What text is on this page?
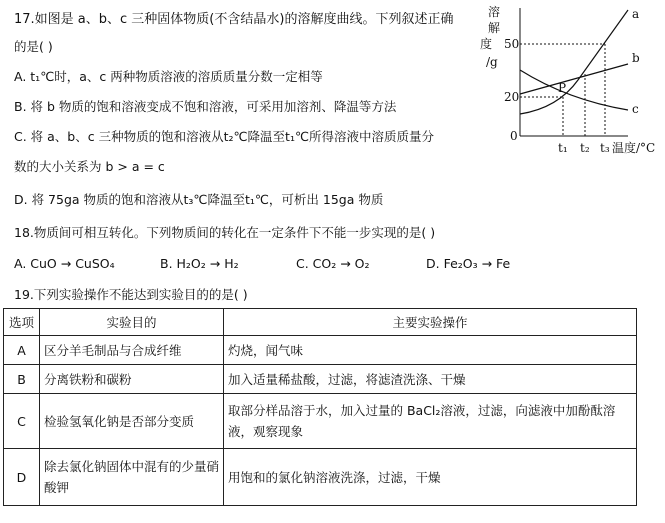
17.如图是 a、b、c 三种固体物质(不含结晶水)的溶解度曲线。下列叙述正确
的是( )
A. t₁℃时，a、c 两种物质溶液的溶质质量分数一定相等
B. 将 b 物质的饱和溶液变成不饱和溶液，可采用加溶剂、降温等方法
C. 将 a、b、c 三种物质的饱和溶液从t₂℃降温至t₁℃所得溶液中溶质质量分
数的大小关系为 b > a = c
D. 将 75ga 物质的饱和溶液从t₃℃降温至t₁℃，可析出 15ga 物质
溶
解
度
/g
50
20
0
a
b
c
P
t₁ t₂ t₃ 温度/°C
18.物质间可相互转化。下列物质间的转化在一定条件下不能一步实现的是( )
A. CuO → CuSO₄	B. H₂O₂ → H₂	C. CO₂ → O₂	D. Fe₂O₃ → Fe
19.下列实验操作不能达到实验目的的是( )
选项	实验目的	主要实验操作
A	区分羊毛制品与合成纤维	灼烧，闻气味
B	分离铁粉和碳粉	加入适量稀盐酸，过滤，将滤渣洗涤、干燥
C	检验氢氧化钠是否部分变质	取部分样品溶于水，加入过量的 BaCl₂溶液，过滤，向滤液中加酚酞溶液，观察现象
D	除去氯化钠固体中混有的少量硝酸钾	用饱和的氯化钠溶液洗涤，过滤，干燥
